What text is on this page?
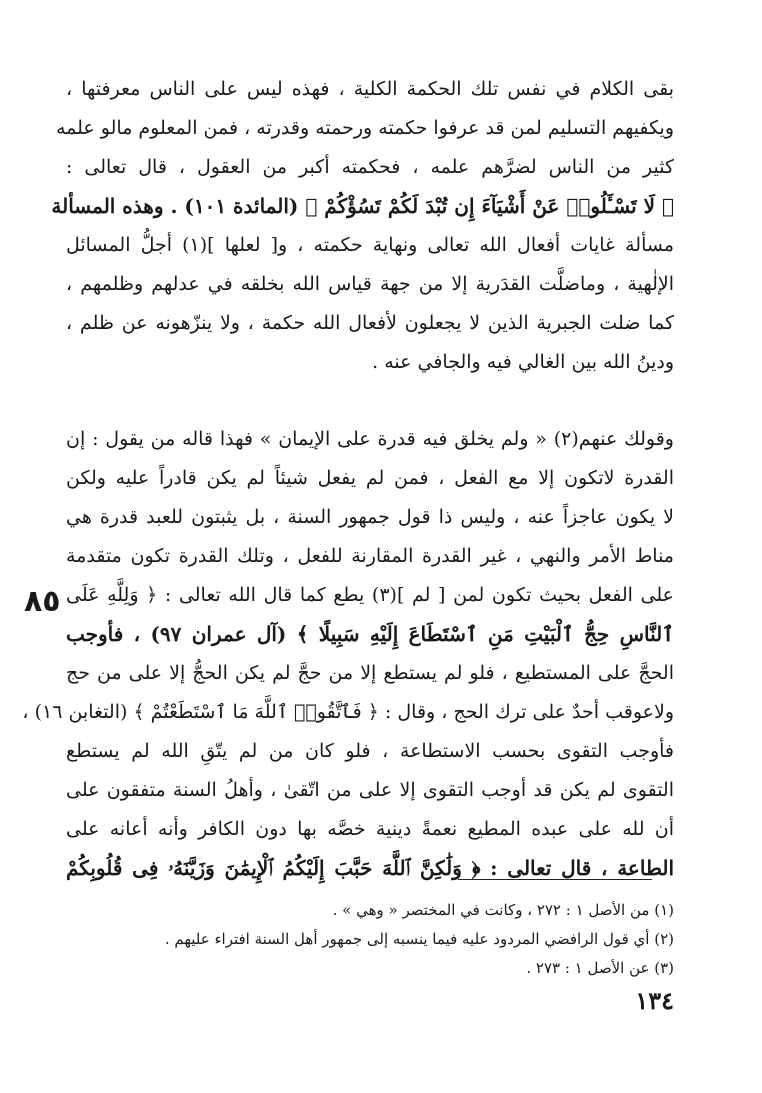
بقى الكلام في نفس تلك الحكمة الكلية ، فهذه ليس على الناس معرفتها ،
ويكفيهم التسليم لمن قد عرفوا حكمته ورحمته وقدرته ، فمن المعلوم مالو علمه
كثير من الناس لضرَّهم علمه ، فحكمته أكبر من العقول ، قال تعالى :
﴿ لَا تَسْـَٔلُوا۟ عَنْ أَشْيَآءَ إِن تُبْدَ لَكُمْ تَسُؤْكُمْ ﴾ (المائدة ١٠١) . وهذه المسألة
مسألة غايات أفعال الله تعالى ونهاية حكمته ، و[ لعلها ](١) أجلُّ المسائل
الإلٰهية ، وماضلَّت القدَرية إلا من جهة قياس الله بخلقه في عدلهم وظلمهم ،
كما ضلت الجبرية الذين لا يجعلون لأفعال الله حكمة ، ولا ينزّهونه عن ظلم ،
ودينُ الله بين الغالي فيه والجافي عنه .
وقولك عنهم(٢) « ولم يخلق فيه قدرة على الإيمان » فهذا قاله من يقول : إن
القدرة لاتكون إلا مع الفعل ، فمن لم يفعل شيئاً لم يكن قادراً عليه ولكن
لا يكون عاجزاً عنه ، وليس ذا قول جمهور السنة ، بل يثبتون للعبد قدرة هي
مناط الأمر والنهي ، غير القدرة المقارنة للفعل ، وتلك القدرة تكون متقدمة
على الفعل بحيث تكون لمن [ لم ](٣) يطع كما قال الله تعالى : ﴿ وَلِلَّهِ عَلَى
ٱلنَّاسِ حِجُّ ٱلْبَيْتِ مَنِ ٱسْتَطَاعَ إِلَيْهِ سَبِيلًا ﴾ (آل عمران ٩٧) ، فأوجب
الحجَّ على المستطيع ، فلو لم يستطع إلا من حجَّ لم يكن الحجُّ إلا على من حج
ولاعوقب أحدٌ على ترك الحج ، وقال : ﴿ فَٱتَّقُوا۟ ٱللَّهَ مَا ٱسْتَطَعْتُمْ ﴾ (التغابن ١٦) ،
فأوجب التقوى بحسب الاستطاعة ، فلو كان من لم يتّقِ الله لم يستطع
التقوى لم يكن قد أوجب التقوى إلا على من اتّقىٰ ، وأهلُ السنة متفقون على
أن لله على عبده المطيع نعمةً دينية خصَّه بها دون الكافر وأنه أعانه على
الطاعة ، قال تعالى : ﴿ وَلَٰكِنَّ ٱللَّهَ حَبَّبَ إِلَيْكُمُ ٱلْإِيمَٰنَ وَزَيَّنَهُۥ فِى قُلُوبِكُمْ
٨٥
(١) من الأصل ١ : ٢٧٢ ، وكانت في المختصر « وهي » .
(٢) أي قول الرافضي المردود عليه فيما ينسبه إلى جمهور أهل السنة افتراء عليهم .
(٣) عن الأصل ١ : ٢٧٣ .
١٣٤
